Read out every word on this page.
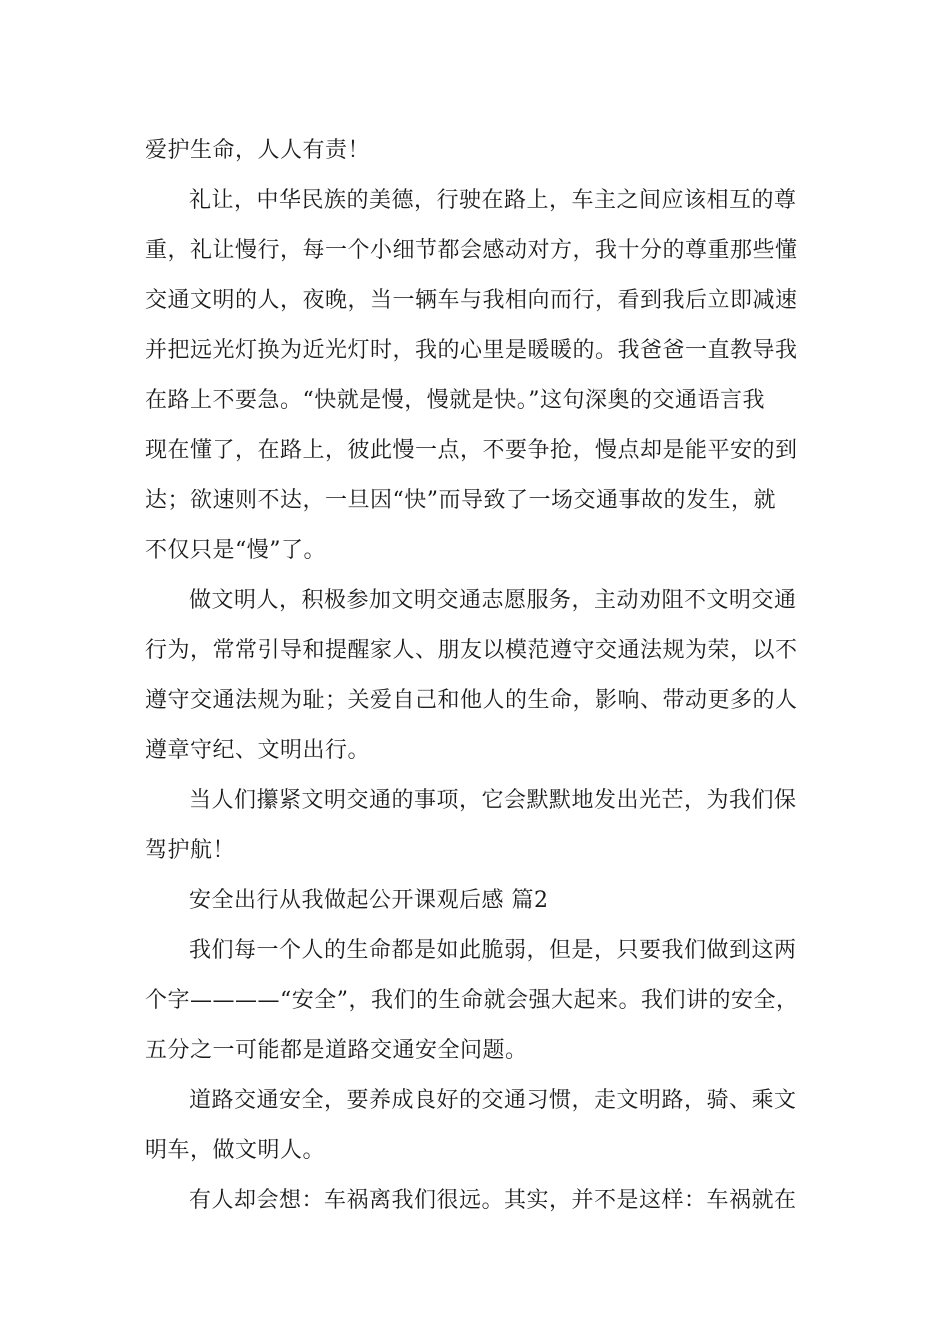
爱护生命，人人有责！
礼让，中华民族的美德，行驶在路上，车主之间应该相互的尊
重，礼让慢行，每一个小细节都会感动对方，我十分的尊重那些懂
交通文明的人，夜晚，当一辆车与我相向而行，看到我后立即减速
并把远光灯换为近光灯时，我的心里是暖暖的。我爸爸一直教导我
在路上不要急。“快就是慢，慢就是快。”这句深奥的交通语言我
现在懂了，在路上，彼此慢一点，不要争抢，慢点却是能平安的到
达；欲速则不达，一旦因“快”而导致了一场交通事故的发生，就
不仅只是“慢”了。
做文明人，积极参加文明交通志愿服务，主动劝阻不文明交通
行为，常常引导和提醒家人、朋友以模范遵守交通法规为荣，以不
遵守交通法规为耻；关爱自己和他人的生命，影响、带动更多的人
遵章守纪、文明出行。
当人们攥紧文明交通的事项，它会默默地发出光芒，为我们保
驾护航！
安全出行从我做起公开课观后感 篇2
我们每一个人的生命都是如此脆弱，但是，只要我们做到这两
个字————“安全”，我们的生命就会强大起来。我们讲的安全，
五分之一可能都是道路交通安全问题。
道路交通安全，要养成良好的交通习惯，走文明路，骑、乘文
明车，做文明人。
有人却会想：车祸离我们很远。其实，并不是这样：车祸就在
